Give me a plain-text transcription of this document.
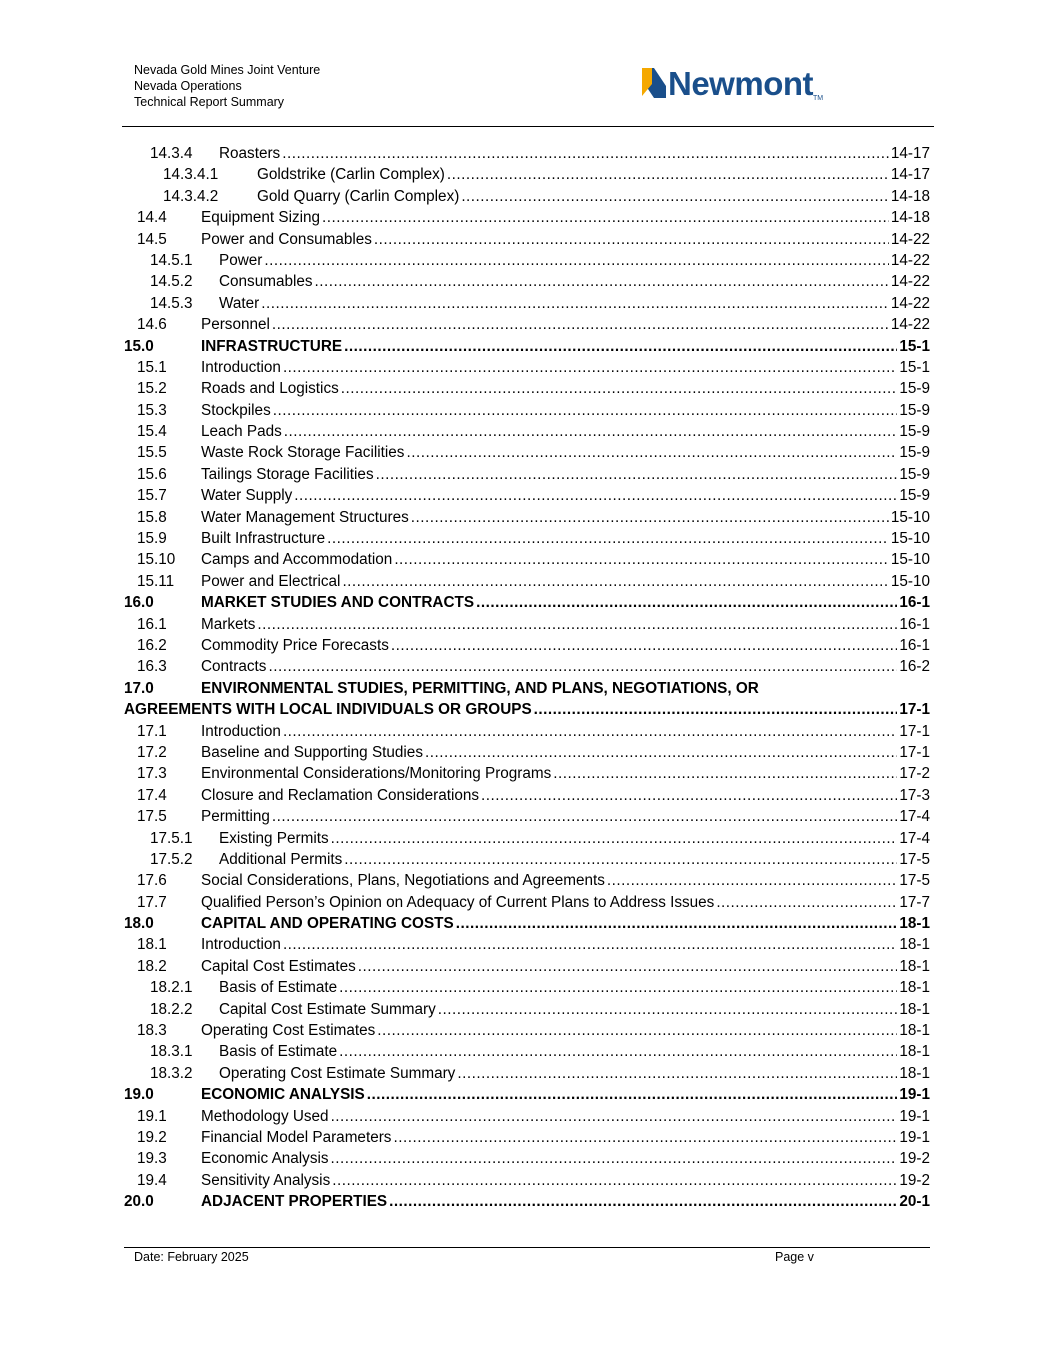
Nevada Gold Mines Joint Venture
Nevada Operations
Technical Report Summary	NewmontTM
14.3.4 Roasters .....	14-17
14.3.4.1	Goldstrike (Carlin Complex) .....	14-17
14.3.4.2	Gold Quarry (Carlin Complex) .....	14-18
14.4 Equipment Sizing .....	14-18
14.5 Power and Consumables .....	14-22
14.5.1 Power .....	14-22
14.5.2 Consumables .....	14-22
14.5.3 Water .....	14-22
14.6 Personnel .....	14-22
15.0	INFRASTRUCTURE .....	15-1
15.1 Introduction .....	15-1
15.2 Roads and Logistics .....	15-9
15.3 Stockpiles .....	15-9
15.4 Leach Pads .....	15-9
15.5 Waste Rock Storage Facilities .....	15-9
15.6 Tailings Storage Facilities .....	15-9
15.7 Water Supply .....	15-9
15.8 Water Management Structures .....	15-10
15.9 Built Infrastructure .....	15-10
15.10 Camps and Accommodation .....	15-10
15.11 Power and Electrical .....	15-10
16.0	MARKET STUDIES AND CONTRACTS .....	16-1
16.1 Markets .....	16-1
16.2 Commodity Price Forecasts .....	16-1
16.3 Contracts .....	16-2
17.0	ENVIRONMENTAL STUDIES, PERMITTING, AND PLANS, NEGOTIATIONS, OR
AGREEMENTS WITH LOCAL INDIVIDUALS OR GROUPS .....	17-1
17.1 Introduction .....	17-1
17.2 Baseline and Supporting Studies .....	17-1
17.3 Environmental Considerations/Monitoring Programs .....	17-2
17.4 Closure and Reclamation Considerations .....	17-3
17.5 Permitting .....	17-4
17.5.1 Existing Permits .....	17-4
17.5.2 Additional Permits .....	17-5
17.6 Social Considerations, Plans, Negotiations and Agreements .....	17-5
17.7 Qualified Person’s Opinion on Adequacy of Current Plans to Address Issues .....	17-7
18.0	CAPITAL AND OPERATING COSTS .....	18-1
18.1 Introduction .....	18-1
18.2 Capital Cost Estimates .....	18-1
18.2.1 Basis of Estimate .....	18-1
18.2.2 Capital Cost Estimate Summary .....	18-1
18.3 Operating Cost Estimates .....	18-1
18.3.1 Basis of Estimate .....	18-1
18.3.2 Operating Cost Estimate Summary .....	18-1
19.0	ECONOMIC ANALYSIS .....	19-1
19.1 Methodology Used .....	19-1
19.2 Financial Model Parameters .....	19-1
19.3 Economic Analysis .....	19-2
19.4 Sensitivity Analysis .....	19-2
20.0	ADJACENT PROPERTIES .....	20-1
Date: February 2025	Page v
